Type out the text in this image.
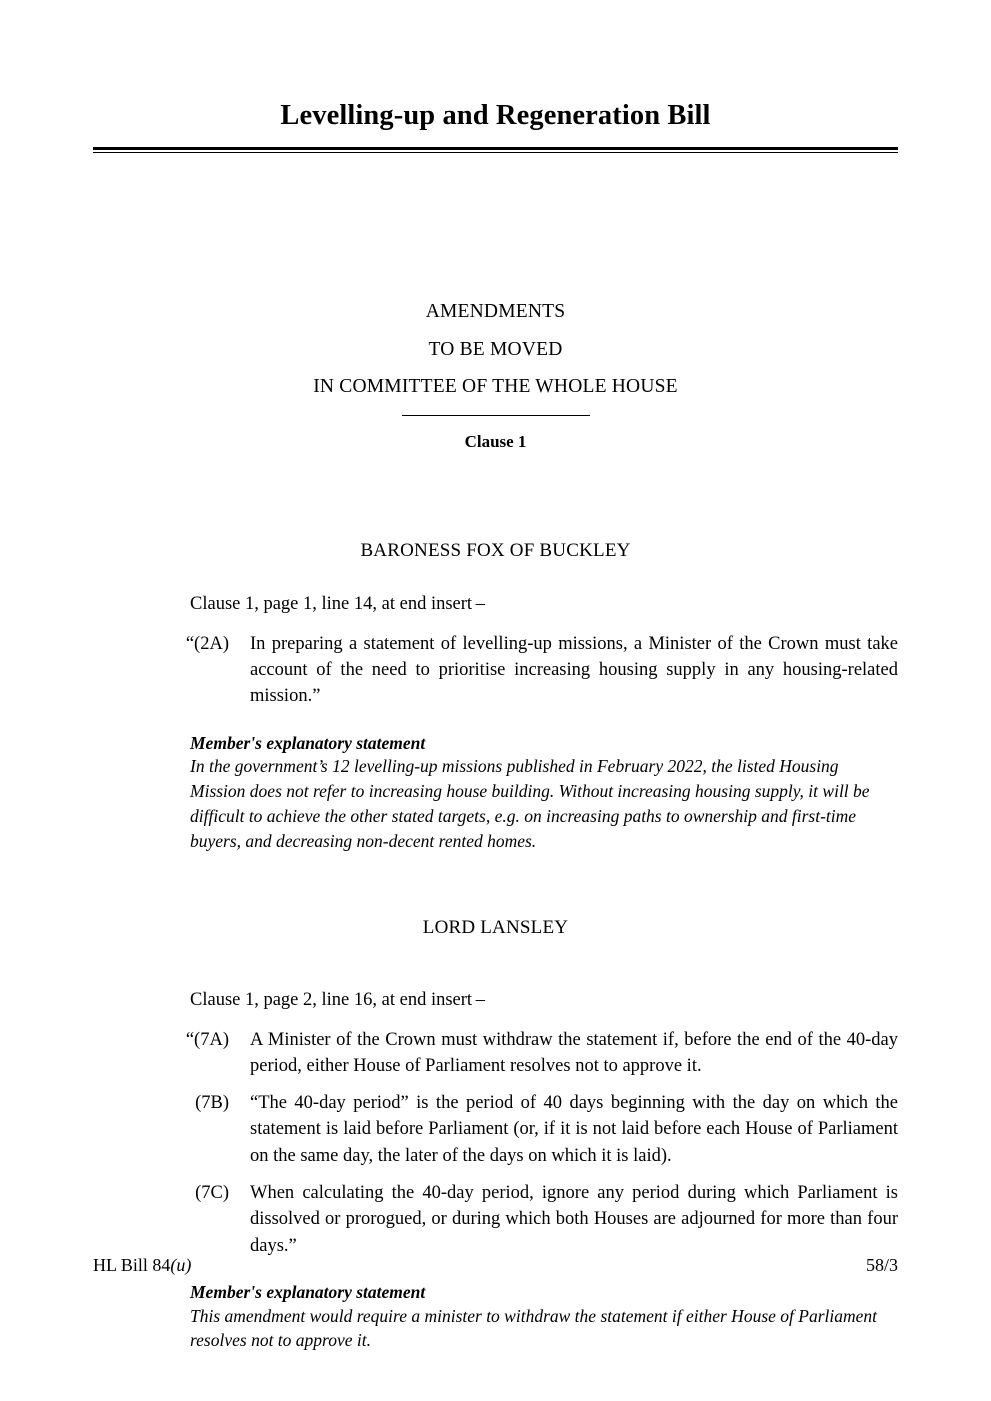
Levelling-up and Regeneration Bill

AMENDMENTS

TO BE MOVED

IN COMMITTEE OF THE WHOLE HOUSE

Clause 1

BARONESS FOX OF BUCKLEY

Clause 1, page 1, line 14, at end insert –

“(2A) In preparing a statement of levelling-up missions, a Minister of the Crown must take account of the need to prioritise increasing housing supply in any housing-related mission.”

Member's explanatory statement

In the government’s 12 levelling-up missions published in February 2022, the listed Housing Mission does not refer to increasing house building. Without increasing housing supply, it will be difficult to achieve the other stated targets, e.g. on increasing paths to ownership and first-time buyers, and decreasing non-decent rented homes.

LORD LANSLEY

Clause 1, page 2, line 16, at end insert –

“(7A) A Minister of the Crown must withdraw the statement if, before the end of the 40-day period, either House of Parliament resolves not to approve it.
(7B) “The 40-day period” is the period of 40 days beginning with the day on which the statement is laid before Parliament (or, if it is not laid before each House of Parliament on the same day, the later of the days on which it is laid).
(7C) When calculating the 40-day period, ignore any period during which Parliament is dissolved or prorogued, or during which both Houses are adjourned for more than four days.”

Member's explanatory statement

This amendment would require a minister to withdraw the statement if either House of Parliament resolves not to approve it.

HL Bill 84(u)	58/3
